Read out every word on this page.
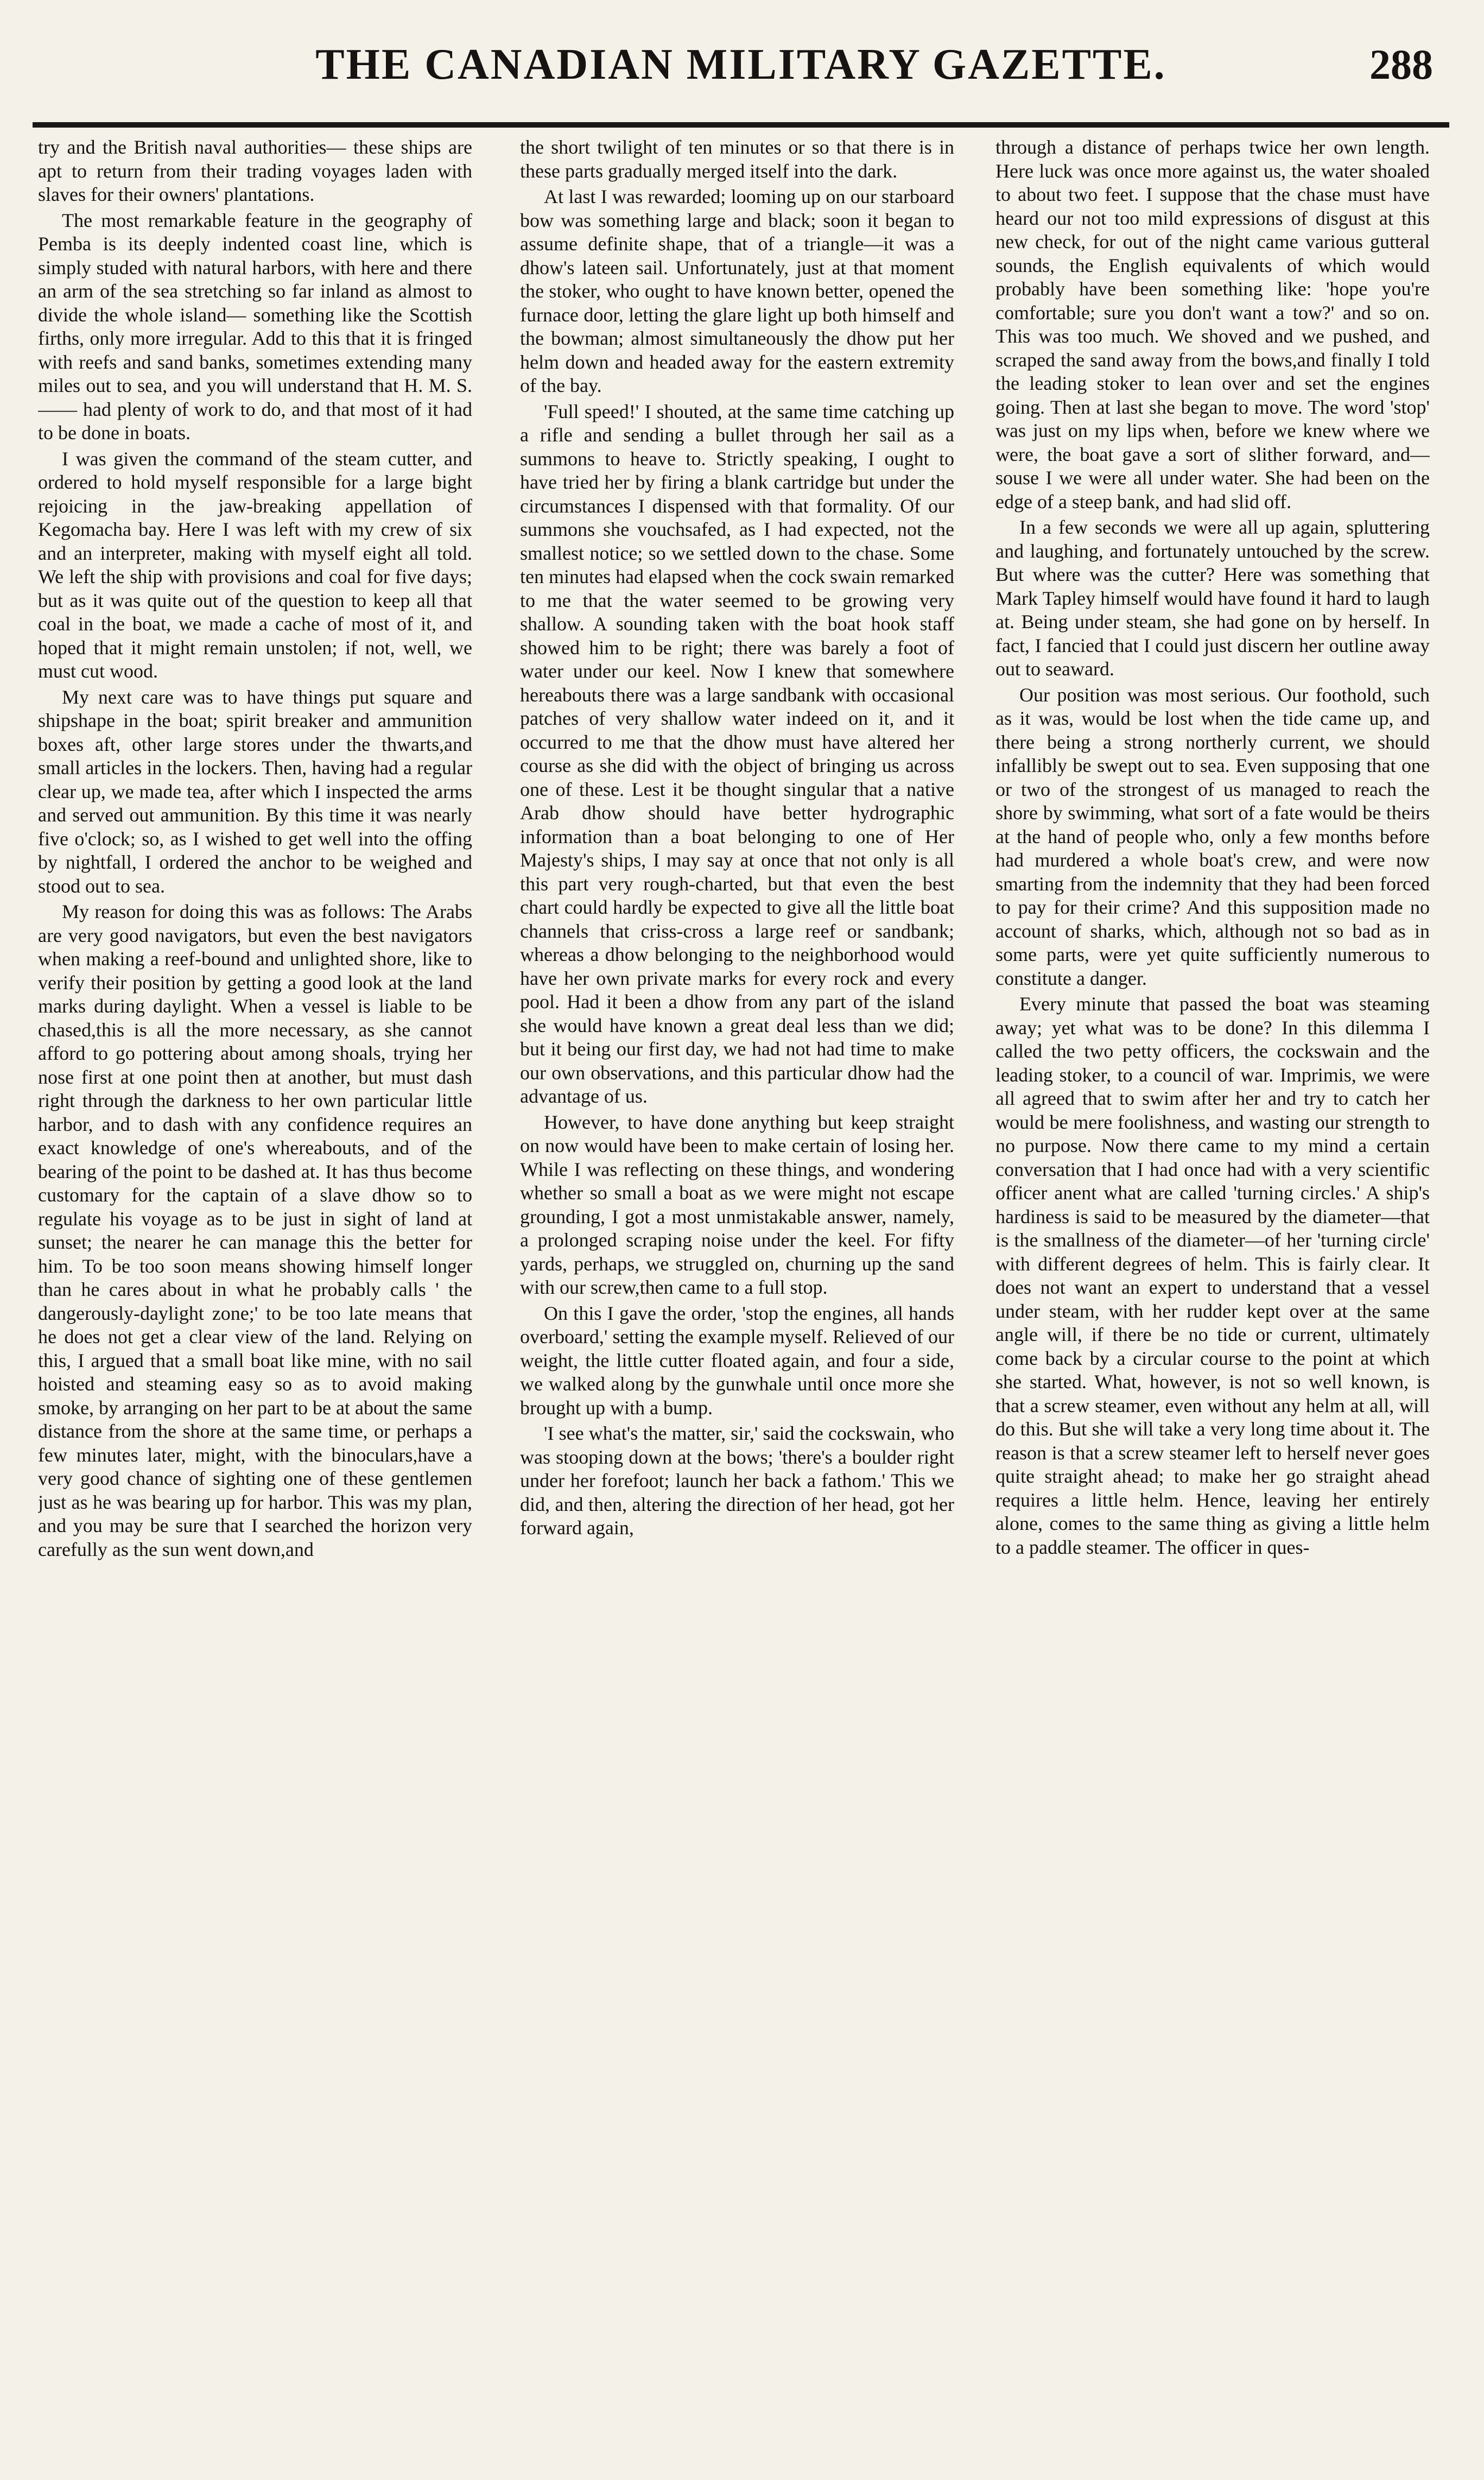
THE CANADIAN MILITARY GAZETTE.	288

try and the British naval authorities— these ships are apt to return from their trading voyages laden with slaves for their owners' plantations.

The most remarkable feature in the geography of Pemba is its deeply indented coast line, which is simply studed with natural harbors, with here and there an arm of the sea stretching so far inland as almost to divide the whole island— something like the Scottish firths, only more irregular. Add to this that it is fringed with reefs and sand banks, sometimes extending many miles out to sea, and you will understand that H. M. S. —— had plenty of work to do, and that most of it had to be done in boats.

I was given the command of the steam cutter, and ordered to hold myself responsible for a large bight rejoicing in the jaw-breaking appellation of Kegomacha bay. Here I was left with my crew of six and an interpreter, making with myself eight all told. We left the ship with provisions and coal for five days; but as it was quite out of the question to keep all that coal in the boat, we made a cache of most of it, and hoped that it might remain unstolen; if not, well, we must cut wood.

My next care was to have things put square and shipshape in the boat; spirit breaker and ammunition boxes aft, other large stores under the thwarts,and small articles in the lockers. Then, having had a regular clear up, we made tea, after which I inspected the arms and served out ammunition. By this time it was nearly five o'clock; so, as I wished to get well into the offing by nightfall, I ordered the anchor to be weighed and stood out to sea.

My reason for doing this was as follows: The Arabs are very good navigators, but even the best navigators when making a reef-bound and unlighted shore, like to verify their position by getting a good look at the land marks during daylight. When a vessel is liable to be chased,this is all the more necessary, as she cannot afford to go pottering about among shoals, trying her nose first at one point then at another, but must dash right through the darkness to her own particular little harbor, and to dash with any confidence requires an exact knowledge of one's whereabouts, and of the bearing of the point to be dashed at. It has thus become customary for the captain of a slave dhow so to regulate his voyage as to be just in sight of land at sunset; the nearer he can manage this the better for him. To be too soon means showing himself longer than he cares about in what he probably calls ' the dangerously-daylight zone;' to be too late means that he does not get a clear view of the land. Relying on this, I argued that a small boat like mine, with no sail hoisted and steaming easy so as to avoid making smoke, by arranging on her part to be at about the same distance from the shore at the same time, or perhaps a few minutes later, might, with the binoculars,have a very good chance of sighting one of these gentlemen just as he was bearing up for harbor. This was my plan, and you may be sure that I searched the horizon very carefully as the sun went down,and

the short twilight of ten minutes or so that there is in these parts gradually merged itself into the dark.

At last I was rewarded; looming up on our starboard bow was something large and black; soon it began to assume definite shape, that of a triangle—it was a dhow's lateen sail. Unfortunately, just at that moment the stoker, who ought to have known better, opened the furnace door, letting the glare light up both himself and the bowman; almost simultaneously the dhow put her helm down and headed away for the eastern extremity of the bay.

'Full speed!' I shouted, at the same time catching up a rifle and sending a bullet through her sail as a summons to heave to. Strictly speaking, I ought to have tried her by firing a blank cartridge but under the circumstances I dispensed with that formality. Of our summons she vouchsafed, as I had expected, not the smallest notice; so we settled down to the chase. Some ten minutes had elapsed when the cock swain remarked to me that the water seemed to be growing very shallow. A sounding taken with the boat hook staff showed him to be right; there was barely a foot of water under our keel. Now I knew that somewhere hereabouts there was a large sandbank with occasional patches of very shallow water indeed on it, and it occurred to me that the dhow must have altered her course as she did with the object of bringing us across one of these. Lest it be thought singular that a native Arab dhow should have better hydrographic information than a boat belonging to one of Her Majesty's ships, I may say at once that not only is all this part very rough-charted, but that even the best chart could hardly be expected to give all the little boat channels that criss-cross a large reef or sandbank; whereas a dhow belonging to the neighborhood would have her own private marks for every rock and every pool. Had it been a dhow from any part of the island she would have known a great deal less than we did; but it being our first day, we had not had time to make our own observations, and this particular dhow had the advantage of us.

However, to have done anything but keep straight on now would have been to make certain of losing her. While I was reflecting on these things, and wondering whether so small a boat as we were might not escape grounding, I got a most unmistakable answer, namely, a prolonged scraping noise under the keel. For fifty yards, perhaps, we struggled on, churning up the sand with our screw,then came to a full stop.

On this I gave the order, 'stop the engines, all hands overboard,' setting the example myself. Relieved of our weight, the little cutter floated again, and four a side, we walked along by the gunwhale until once more she brought up with a bump.

'I see what's the matter, sir,' said the cockswain, who was stooping down at the bows; 'there's a boulder right under her forefoot; launch her back a fathom.' This we did, and then, altering the direction of her head, got her forward again,

through a distance of perhaps twice her own length. Here luck was once more against us, the water shoaled to about two feet. I suppose that the chase must have heard our not too mild expressions of disgust at this new check, for out of the night came various gutteral sounds, the English equivalents of which would probably have been something like: 'hope you're comfortable; sure you don't want a tow?' and so on. This was too much. We shoved and we pushed, and scraped the sand away from the bows,and finally I told the leading stoker to lean over and set the engines going. Then at last she began to move. The word 'stop' was just on my lips when, before we knew where we were, the boat gave a sort of slither forward, and—souse I we were all under water. She had been on the edge of a steep bank, and had slid off.

In a few seconds we were all up again, spluttering and laughing, and fortunately untouched by the screw. But where was the cutter? Here was something that Mark Tapley himself would have found it hard to laugh at. Being under steam, she had gone on by herself. In fact, I fancied that I could just discern her outline away out to seaward.

Our position was most serious. Our foothold, such as it was, would be lost when the tide came up, and there being a strong northerly current, we should infallibly be swept out to sea. Even supposing that one or two of the strongest of us managed to reach the shore by swimming, what sort of a fate would be theirs at the hand of people who, only a few months before had murdered a whole boat's crew, and were now smarting from the indemnity that they had been forced to pay for their crime? And this supposition made no account of sharks, which, although not so bad as in some parts, were yet quite sufficiently numerous to constitute a danger.

Every minute that passed the boat was steaming away; yet what was to be done? In this dilemma I called the two petty officers, the cockswain and the leading stoker, to a council of war. Imprimis, we were all agreed that to swim after her and try to catch her would be mere foolishness, and wasting our strength to no purpose. Now there came to my mind a certain conversation that I had once had with a very scientific officer anent what are called 'turning circles.' A ship's hardiness is said to be measured by the diameter—that is the smallness of the diameter—of her 'turning circle' with different degrees of helm. This is fairly clear. It does not want an expert to understand that a vessel under steam, with her rudder kept over at the same angle will, if there be no tide or current, ultimately come back by a circular course to the point at which she started. What, however, is not so well known, is that a screw steamer, even without any helm at all, will do this. But she will take a very long time about it. The reason is that a screw steamer left to herself never goes quite straight ahead; to make her go straight ahead requires a little helm. Hence, leaving her entirely alone, comes to the same thing as giving a little helm to a paddle steamer. The officer in ques-
